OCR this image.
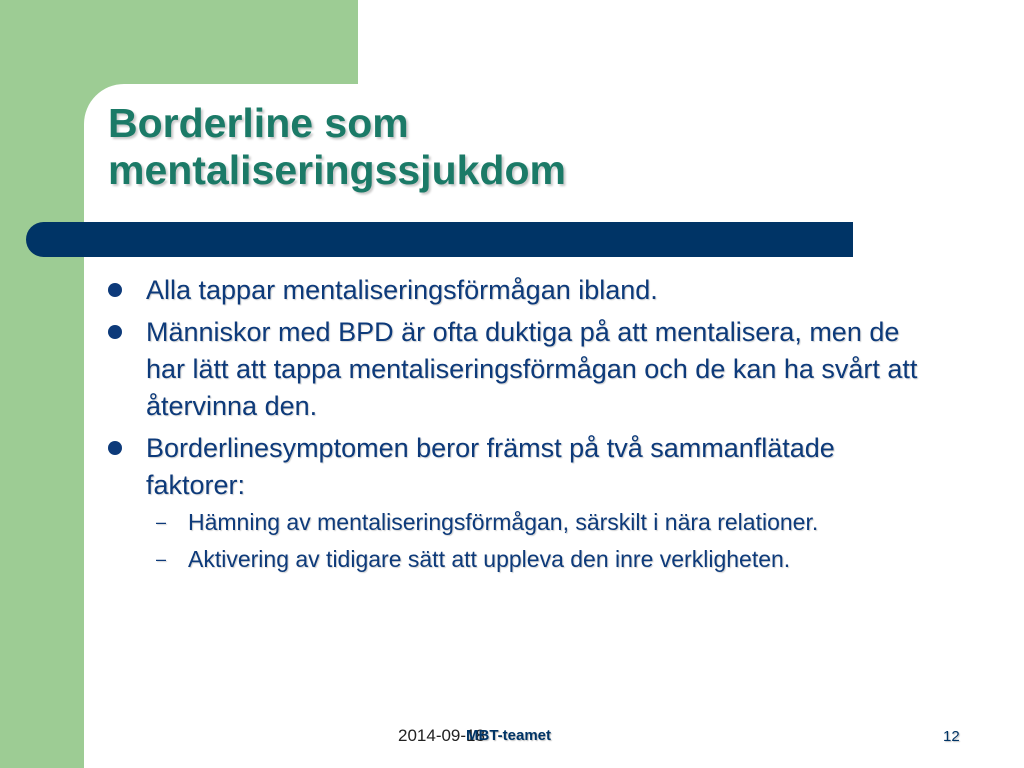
Borderline som mentaliseringssjukdom
Alla tappar mentaliseringsförmågan ibland.
Människor med BPD är ofta duktiga på att mentalisera, men de har lätt att tappa mentaliseringsförmågan och de kan ha svårt att återvinna den.
Borderlinesymptomen beror främst på två sammanflätade faktorer:
– Hämning av mentaliseringsförmågan, särskilt i nära relationer.
– Aktivering av tidigare sätt att uppleva den inre verkligheten.
2014-09-18
MBT-teamet	12
